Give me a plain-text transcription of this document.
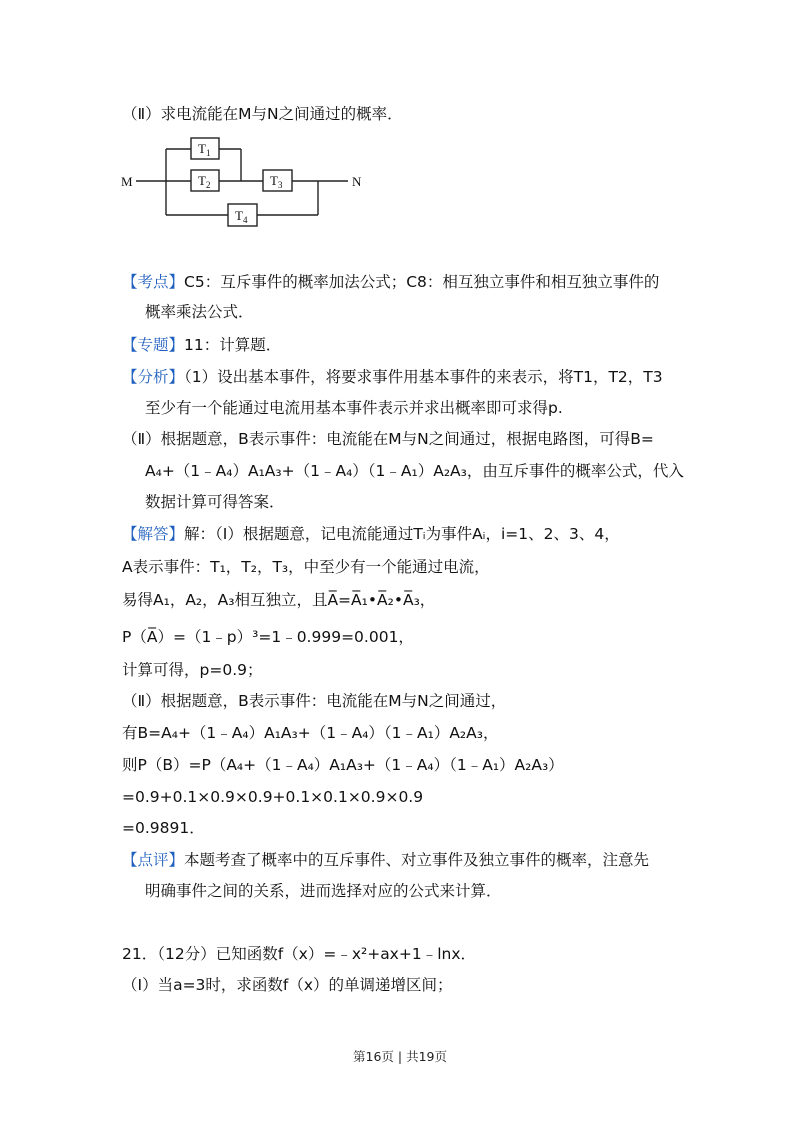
（Ⅱ）求电流能在M与N之间通过的概率．
M	N
$T_1$
$T_2$	$T_3$
$T_4$
【考点】C5：互斥事件的概率加法公式；C8：相互独立事件和相互独立事件的
概率乘法公式．
【专题】11：计算题．
【分析】（1）设出基本事件，将要求事件用基本事件的来表示，将T1，T2，T3
至少有一个能通过电流用基本事件表示并求出概率即可求得p.
（Ⅱ）根据题意，B表示事件：电流能在M与N之间通过，根据电路图，可得B=
A₄+（1﹣A₄）A₁A₃+（1﹣A₄）（1﹣A₁）A₂A₃，由互斥事件的概率公式，代入
数据计算可得答案．
【解答】解：（Ⅰ）根据题意，记电流能通过Tᵢ为事件Aᵢ，i=1、2、3、4，
A表示事件：T₁，T₂，T₃，中至少有一个能通过电流，
易得A₁，A₂，A₃相互独立，且A̅=A̅₁•A̅₂•A̅₃，
P（A̅）=（1﹣p）³=1﹣0.999=0.001，
计算可得，p=0.9；
（Ⅱ）根据题意，B表示事件：电流能在M与N之间通过，
有B=A₄+（1﹣A₄）A₁A₃+（1﹣A₄）（1﹣A₁）A₂A₃，
则P（B）=P（A₄+（1﹣A₄）A₁A₃+（1﹣A₄）（1﹣A₁）A₂A₃）
=0.9+0.1×0.9×0.9+0.1×0.1×0.9×0.9
=0.9891．
【点评】本题考查了概率中的互斥事件、对立事件及独立事件的概率，注意先
明确事件之间的关系，进而选择对应的公式来计算．
21．（12分）已知函数f（x）=﹣x²+ax+1﹣lnx．
（Ⅰ）当a=3时，求函数f（x）的单调递增区间；
第16页 | 共19页
